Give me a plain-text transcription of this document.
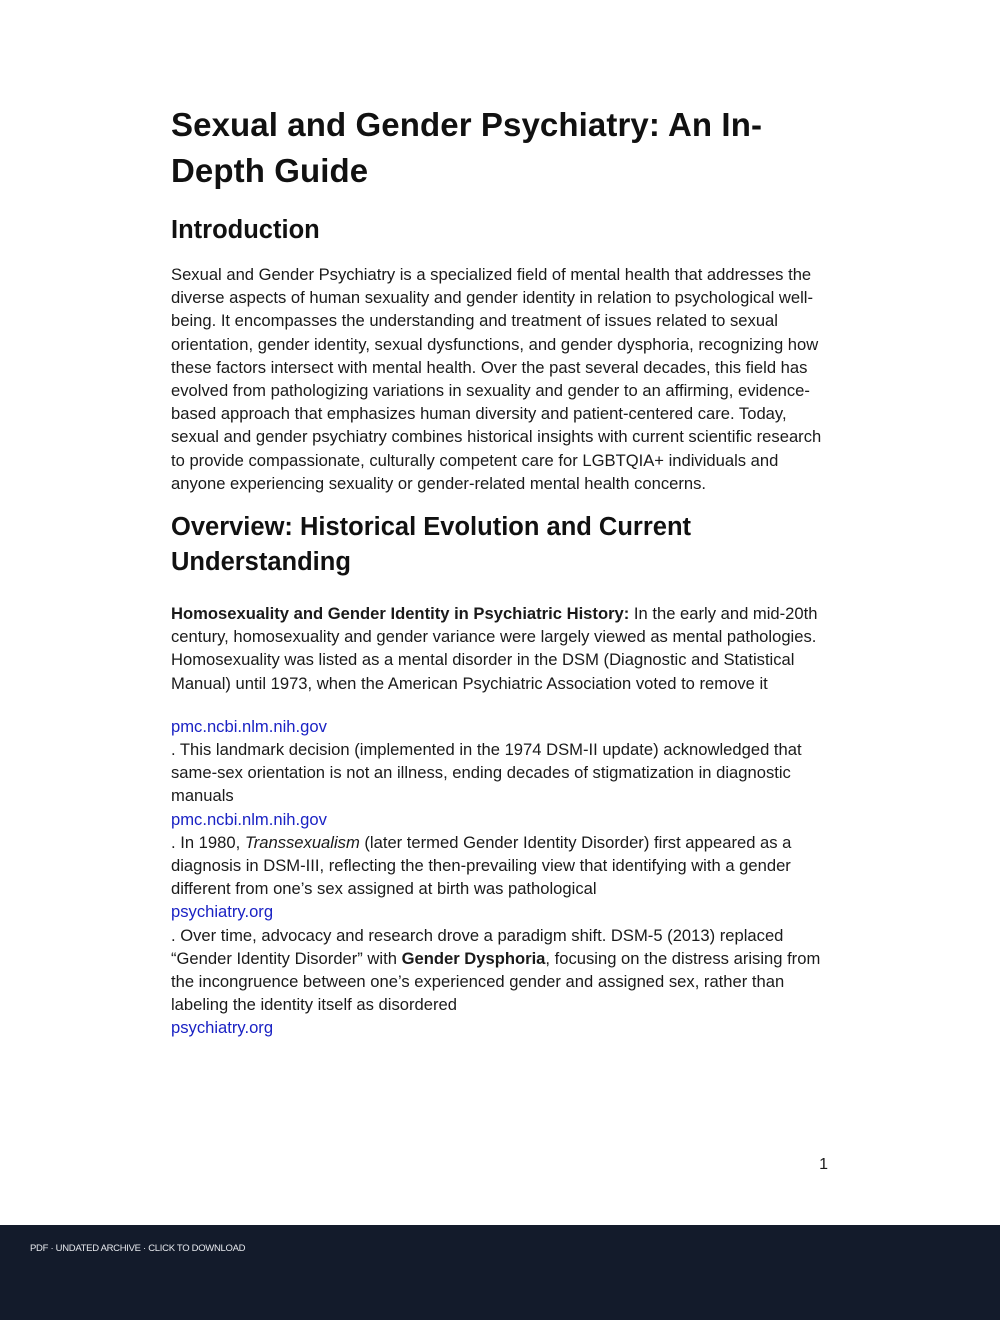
Sexual and Gender Psychiatry: An In-Depth Guide
Introduction

Sexual and Gender Psychiatry is a specialized field of mental health that addresses the diverse aspects of human sexuality and gender identity in relation to psychological well-being. It encompasses the understanding and treatment of issues related to sexual orientation, gender identity, sexual dysfunctions, and gender dysphoria, recognizing how these factors intersect with mental health. Over the past several decades, this field has evolved from pathologizing variations in sexuality and gender to an affirming, evidence-based approach that emphasizes human diversity and patient-centered care. Today, sexual and gender psychiatry combines historical insights with current scientific research to provide compassionate, culturally competent care for LGBTQIA+ individuals and anyone experiencing sexuality or gender-related mental health concerns.

Overview: Historical Evolution and Current Understanding

Homosexuality and Gender Identity in Psychiatric History: In the early and mid-20th century, homosexuality and gender variance were largely viewed as mental pathologies. Homosexuality was listed as a mental disorder in the DSM (Diagnostic and Statistical Manual) until 1973, when the American Psychiatric Association voted to remove it

pmc.ncbi.nlm.nih.gov

. This landmark decision (implemented in the 1974 DSM-II update) acknowledged that same-sex orientation is not an illness, ending decades of stigmatization in diagnostic manuals

pmc.ncbi.nlm.nih.gov

. In 1980, Transsexualism (later termed Gender Identity Disorder) first appeared as a diagnosis in DSM-III, reflecting the then-prevailing view that identifying with a gender different from one’s sex assigned at birth was pathological

psychiatry.org

. Over time, advocacy and research drove a paradigm shift. DSM-5 (2013) replaced “Gender Identity Disorder” with Gender Dysphoria, focusing on the distress arising from the incongruence between one’s experienced gender and assigned sex, rather than labeling the identity itself as disordered

psychiatry.org
1
PDF · UNDATED ARCHIVE · CLICK TO DOWNLOAD
